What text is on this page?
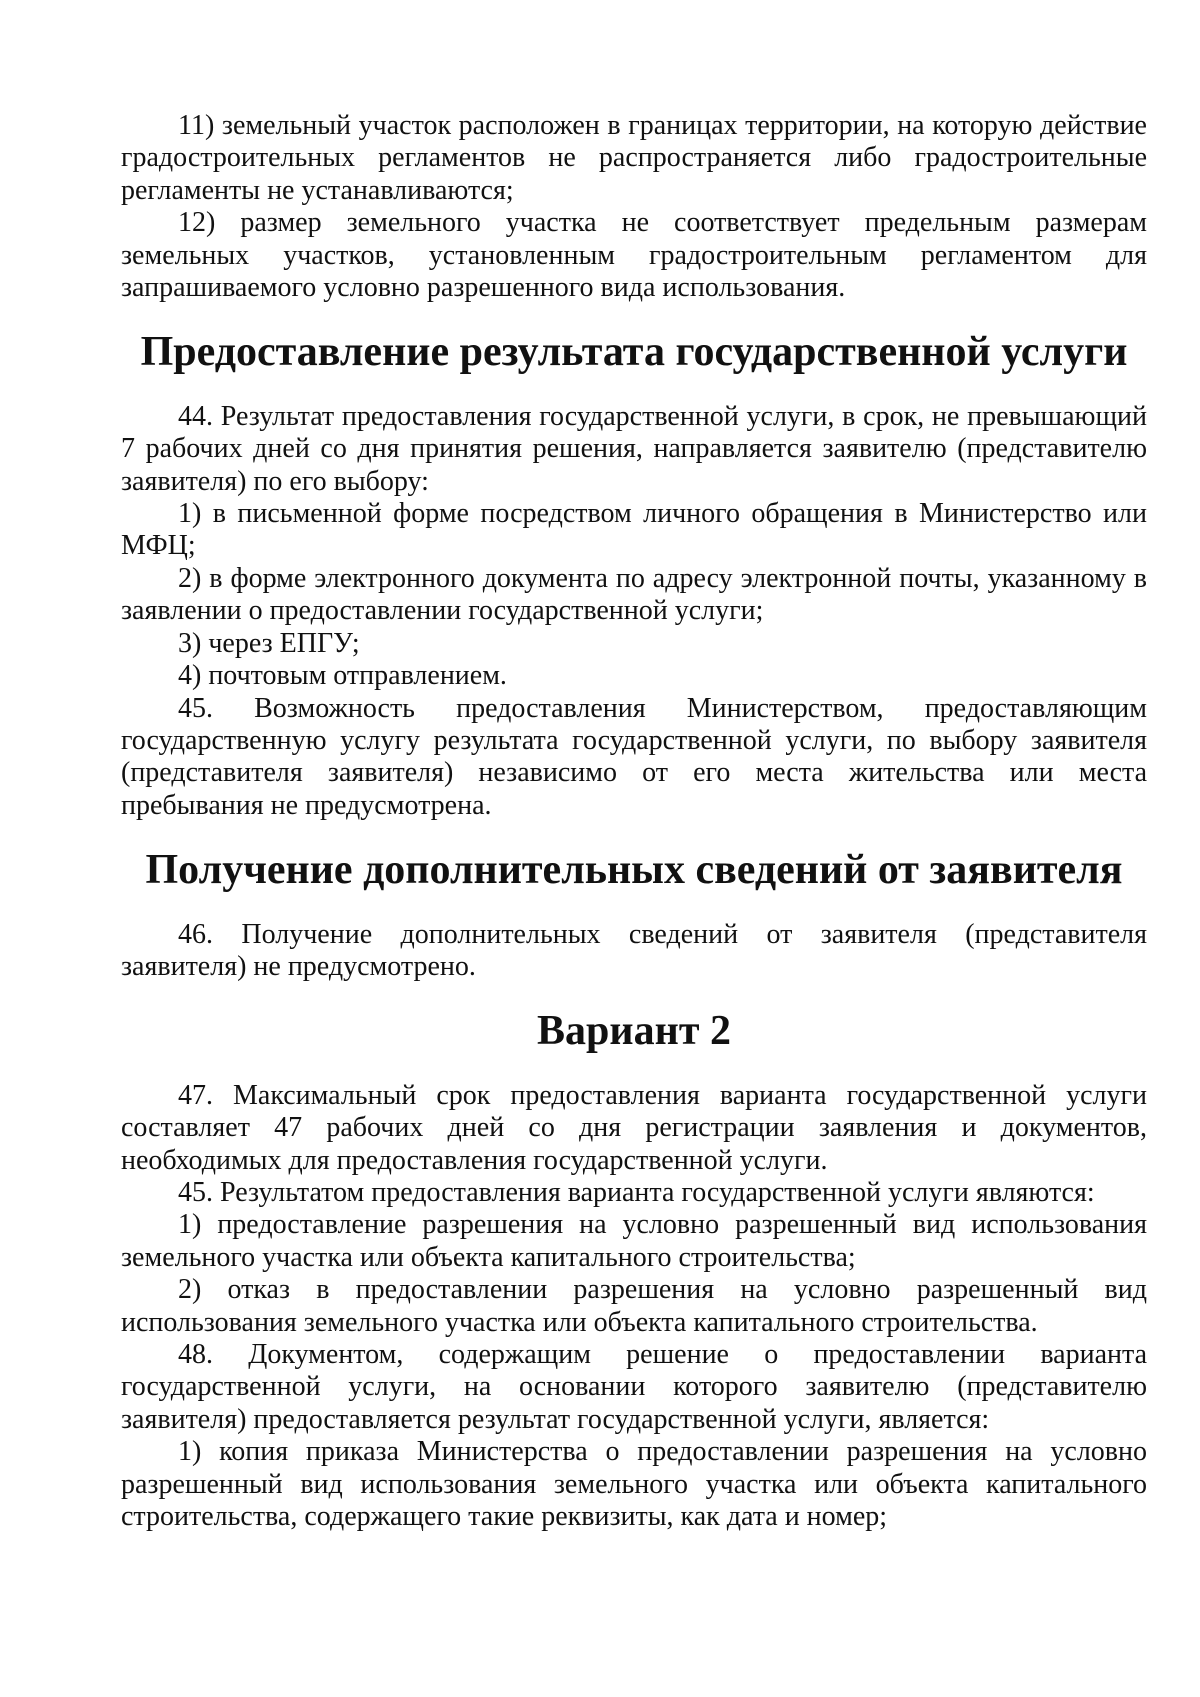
11) земельный участок расположен в границах территории, на которую действие градостроительных регламентов не распространяется либо градостроительные регламенты не устанавливаются;

12) размер земельного участка не соответствует предельным размерам земельных участков, установленным градостроительным регламентом для запрашиваемого условно разрешенного вида использования.

Предоставление результата государственной услуги

44. Результат предоставления государственной услуги, в срок, не превышающий 7 рабочих дней со дня принятия решения, направляется заявителю (представителю заявителя) по его выбору:

1) в письменной форме посредством личного обращения в Министерство или МФЦ;

2) в форме электронного документа по адресу электронной почты, указанному в заявлении о предоставлении государственной услуги;

3) через ЕПГУ;

4) почтовым отправлением.

45. Возможность предоставления Министерством, предоставляющим государственную услугу результата государственной услуги, по выбору заявителя (представителя заявителя) независимо от его места жительства или места пребывания не предусмотрена.

Получение дополнительных сведений от заявителя

46. Получение дополнительных сведений от заявителя (представителя заявителя) не предусмотрено.

Вариант 2

47. Максимальный срок предоставления варианта государственной услуги составляет 47 рабочих дней со дня регистрации заявления и документов, необходимых для предоставления государственной услуги.

45. Результатом предоставления варианта государственной услуги являются:

1) предоставление разрешения на условно разрешенный вид использования земельного участка или объекта капитального строительства;

2) отказ в предоставлении разрешения на условно разрешенный вид использования земельного участка или объекта капитального строительства.

48. Документом, содержащим решение о предоставлении варианта государственной услуги, на основании которого заявителю (представителю заявителя) предоставляется результат государственной услуги, является:

1) копия приказа Министерства о предоставлении разрешения на условно разрешенный вид использования земельного участка или объекта капитального строительства, содержащего такие реквизиты, как дата и номер;
